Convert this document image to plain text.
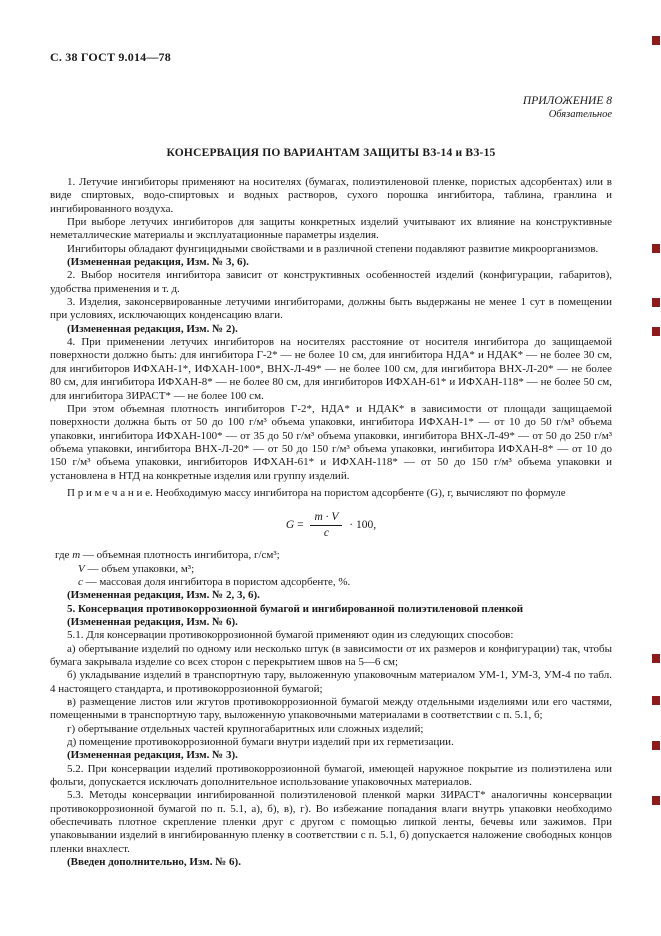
С. 38 ГОСТ 9.014—78
ПРИЛОЖЕНИЕ 8
Обязательное
КОНСЕРВАЦИЯ ПО ВАРИАНТАМ ЗАЩИТЫ ВЗ-14 и ВЗ-15

1. Летучие ингибиторы применяют на носителях (бумагах, полиэтиленовой пленке, пористых адсорбентах) или в виде спиртовых, водо-спиртовых и водных растворов, сухого порошка ингибитора, таблина, гранлина и ингибированного воздуха.

При выборе летучих ингибиторов для защиты конкретных изделий учитывают их влияние на конструктивные неметаллические материалы и эксплуатационные параметры изделия.

Ингибиторы обладают фунгицидными свойствами и в различной степени подавляют развитие микроорганизмов.

(Измененная редакция, Изм. № 3, 6).

2. Выбор носителя ингибитора зависит от конструктивных особенностей изделий (конфигурации, габаритов), удобства применения и т. д.

3. Изделия, законсервированные летучими ингибиторами, должны быть выдержаны не менее 1 сут в помещении при условиях, исключающих конденсацию влаги.

(Измененная редакция, Изм. № 2).

4. При применении летучих ингибиторов на носителях расстояние от носителя ингибитора до защищаемой поверхности должно быть: для ингибитора Г-2* — не более 10 см, для ингибитора НДА* и НДАК* — не более 30 см, для ингибиторов ИФХАН-1*, ИФХАН-100*, ВНХ-Л-49* — не более 100 см, для ингибитора ВНХ-Л-20* — не более 80 см, для ингибитора ИФХАН-8* — не более 80 см, для ингибиторов ИФХАН-61* и ИФХАН-118* — не более 50 см, для ингибитора ЗИРАСТ* — не более 100 см.

При этом объемная плотность ингибиторов Г-2*, НДА* и НДАК* в зависимости от площади защищаемой поверхности должна быть от 50 до 100 г/м³ объема упаковки, ингибитора ИФХАН-1* — от 10 до 50 г/м³ объема упаковки, ингибитора ИФХАН-100* — от 35 до 50 г/м³ объема упаковки, ингибитора ВНХ-Л-49* — от 50 до 250 г/м³ объема упаковки, ингибитора ВНХ-Л-20* — от 50 до 150 г/м³ объема упаковки, ингибитора ИФХАН-8* — от 10 до 150 г/м³ объема упаковки, ингибиторов ИФХАН-61* и ИФХАН-118* — от 50 до 150 г/м³ объема упаковки и установлена в НТД на конкретные изделия или группу изделий.

П р и м е ч а н и е. Необходимую массу ингибитора на пористом адсорбенте (G), г, вычисляют по формуле

$G = \frac{m \cdot V}{c} \cdot 100$,
где m — объемная плотность ингибитора, г/см³;
V — объем упаковки, м³;
с — массовая доля ингибитора в пористом адсорбенте, %.

(Измененная редакция, Изм. № 2, 3, 6).

5. Консервация противокоррозионной бумагой и ингибированной полиэтиленовой пленкой

(Измененная редакция, Изм. № 6).

5.1. Для консервации противокоррозионной бумагой применяют один из следующих способов:

а) обертывание изделий по одному или несколько штук (в зависимости от их размеров и конфигурации) так, чтобы бумага закрывала изделие со всех сторон с перекрытием швов на 5—6 см;

б) укладывание изделий в транспортную тару, выложенную упаковочным материалом УМ-1, УМ-3, УМ-4 по табл. 4 настоящего стандарта, и противокоррозионной бумагой;

в) размещение листов или жгутов противокоррозионной бумагой между отдельными изделиями или его частями, помещенными в транспортную тару, выложенную упаковочными материалами в соответствии с п. 5.1, б;

г) обертывание отдельных частей крупногабаритных или сложных изделий;

д) помещение противокоррозионной бумаги внутри изделий при их герметизации.

(Измененная редакция, Изм. № 3).

5.2. При консервации изделий противокоррозионной бумагой, имеющей наружное покрытие из полиэтилена или фольги, допускается исключать дополнительное использование упаковочных материалов.

5.3. Методы консервации ингибированной полиэтиленовой пленкой марки ЗИРАСТ* аналогичны консервации противокоррозионной бумагой по п. 5.1, а), б), в), г). Во избежание попадания влаги внутрь упаковки необходимо обеспечивать плотное скрепление пленки друг с другом с помощью липкой ленты, бечевы или зажимов. При упаковывании изделий в ингибированную пленку в соответствии с п. 5.1, б) допускается наложение свободных концов пленки внахлест.

(Введен дополнительно, Изм. № 6).
